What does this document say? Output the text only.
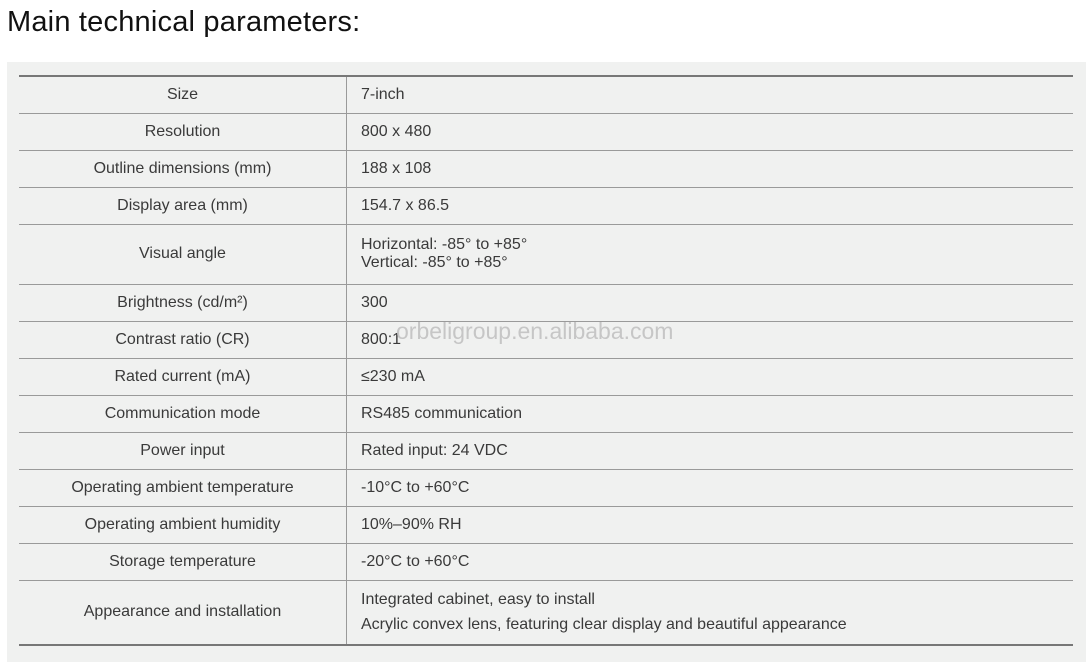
Main technical parameters:
Size	7-inch

Resolution	800 x 480

Outline dimensions (mm)	188 x 108

Display area (mm)	154.7 x 86.5

Visual angle	Horizontal: -85° to +85°
Vertical: -85° to +85°

Brightness (cd/m²)	300

Contrast ratio (CR)	800:1

Rated current (mA)	≤230 mA

Communication mode	RS485 communication

Power input	Rated input: 24 VDC

Operating ambient temperature	-10°C to +60°C

Operating ambient humidity	10%–90% RH

Storage temperature	-20°C to +60°C

Appearance and installation	Integrated cabinet, easy to install
Acrylic convex lens, featuring clear display and beautiful appearance
orbeligroup.en.alibaba.com
